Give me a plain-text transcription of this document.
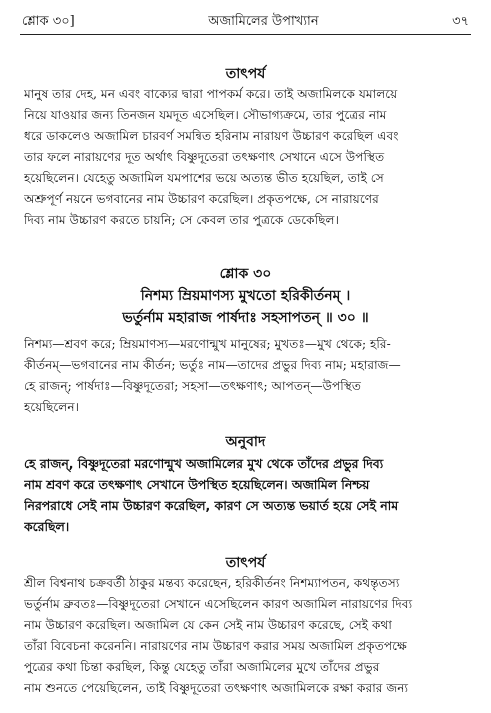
শ্লোক ৩০]	অজামিলের উপাখ্যান	৩৭
তাৎপর্য
মানুষ তার দেহ, মন এবং বাক্যের দ্বারা পাপকর্ম করে। তাই অজামিলকে যমালয়ে
নিয়ে যাওয়ার জন্য তিনজন যমদূত এসেছিল। সৌভাগ্যক্রমে, তার পুত্রের নাম
ধরে ডাকলেও অজামিল চারবর্ণ সমন্বিত হরিনাম নারায়ণ উচ্চারণ করেছিল এবং
তার ফলে নারায়ণের দূত অর্থাৎ বিষ্ণুদূতেরা তৎক্ষণাৎ সেখানে এসে উপস্থিত
হয়েছিলেন। যেহেতু অজামিল যমপাশের ভয়ে অত্যন্ত ভীত হয়েছিল, তাই সে
অশ্রুপূর্ণ নয়নে ভগবানের নাম উচ্চারণ করেছিল। প্রকৃতপক্ষে, সে নারায়ণের
দিব্য নাম উচ্চারণ করতে চায়নি; সে কেবল তার পুত্রকে ডেকেছিল।
শ্লোক ৩০
নিশম্য ম্রিয়মাণস্য মুখতো হরিকীর্তনম্ ।
ভর্তুর্নাম মহারাজ পার্ষদাঃ সহসাপতন্ ॥ ৩০ ॥
নিশম্য—শ্রবণ করে; ম্রিয়মাণস্য—মরণোন্মুখ মানুষের; মুখতঃ—মুখ থেকে; হরি-
কীর্তনম্—ভগবানের নাম কীর্তন; ভর্তুঃ নাম—তাদের প্রভুর দিব্য নাম; মহারাজ—
হে রাজন্; পার্ষদাঃ—বিষ্ণুদূতেরা; সহসা—তৎক্ষণাৎ; আপতন্—উপস্থিত
হয়েছিলেন।
অনুবাদ
হে রাজন্, বিষ্ণুদূতেরা মরণোন্মুখ অজামিলের মুখ থেকে তাঁদের প্রভুর দিব্য
নাম শ্রবণ করে তৎক্ষণাৎ সেখানে উপস্থিত হয়েছিলেন। অজামিল নিশ্চয়
নিরপরাধে সেই নাম উচ্চারণ করেছিল, কারণ সে অত্যন্ত ভয়ার্ত হয়ে সেই নাম
করেছিল।
তাৎপর্য
শ্রীল বিশ্বনাথ চক্রবর্তী ঠাকুর মন্তব্য করেছেন, হরিকীর্তনং নিশম্যাপতন, কথন্তৃতস্য
ভর্তুর্নাম ব্রুবতঃ—বিষ্ণুদূতেরা সেখানে এসেছিলেন কারণ অজামিল নারায়ণের দিব্য
নাম উচ্চারণ করেছিল। অজামিল যে কেন সেই নাম উচ্চারণ করেছে, সেই কথা
তাঁরা বিবেচনা করেননি। নারায়ণের নাম উচ্চারণ করার সময় অজামিল প্রকৃতপক্ষে
পুত্রের কথা চিন্তা করছিল, কিন্তু যেহেতু তাঁরা অজামিলের মুখে তাঁদের প্রভুর
নাম শুনতে পেয়েছিলেন, তাই বিষ্ণুদূতেরা তৎক্ষণাৎ অজামিলকে রক্ষা করার জন্য
